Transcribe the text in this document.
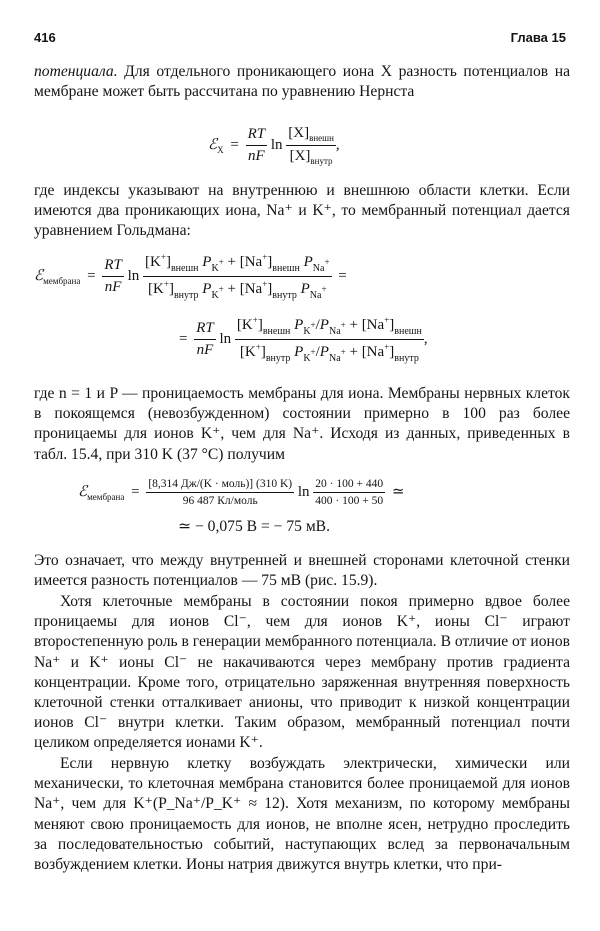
416	Глава 15

потенциала. Для отдельного проникающего иона X разность потенциалов на мембране может быть рассчитана по уравнению Нернста

ℰ$_X$ = $\frac{RT}{nF}$ $\ln \frac{[X]_{внешн}}{[X]_{внутр}}$ ,

где индексы указывают на внутреннюю и внешнюю области клетки. Если имеются два проникающих иона, Na⁺ и K⁺, то мембранный потенциал дается уравнением Гольдмана:

ℰ$_{мембрана}$ = $\frac{RT}{nF}$ $\ln \frac{[K^+]_{внешн} P_{K+} + [Na^+]_{внешн} P_{Na+}}{[K^+]_{внутр} P_{K+} + [Na^+]_{внутр} P_{Na+}}$ =
= $\frac{RT}{nF}$ $\ln \frac{[K^+]_{внешн} P_{K+}/P_{Na+} + [Na^+]_{внешн}}{[K^+]_{внутр} P_{K+}/P_{Na+} + [Na^+]_{внутр}}$ ,

где n = 1 и P — проницаемость мембраны для иона. Мембраны нервных клеток в покоящемся (невозбужденном) состоянии примерно в 100 раз более проницаемы для ионов K⁺, чем для Na⁺. Исходя из данных, приведенных в табл. 15.4, при 310 K (37 °C) получим

ℰ$_{мембрана}$ = $\frac{\text{[8,314 Дж/(K · моль)] (310 K)}}{\text{96 487 Кл/моль}}$ $\ln \frac{20 \cdot 100 + 440}{400 \cdot 100 + 50}$ ≃
≃ − 0,075 В = − 75 мВ.

Это означает, что между внутренней и внешней сторонами клеточной стенки имеется разность потенциалов — 75 мВ (рис. 15.9).

Хотя клеточные мембраны в состоянии покоя примерно вдвое более проницаемы для ионов Cl⁻, чем для ионов K⁺, ионы Cl⁻ играют второстепенную роль в генерации мембранного потенциала. В отличие от ионов Na⁺ и K⁺ ионы Cl⁻ не накачиваются через мембрану против градиента концентрации. Кроме того, отрицательно заряженная внутренняя поверхность клеточной стенки отталкивает анионы, что приводит к низкой концентрации ионов Cl⁻ внутри клетки. Таким образом, мембранный потенциал почти целиком определяется ионами K⁺.

Если нервную клетку возбуждать электрически, химически или механически, то клеточная мембрана становится более проницаемой для ионов Na⁺, чем для K⁺(P_Na⁺/P_K⁺ ≈ 12). Хотя механизм, по которому мембраны меняют свою проницаемость для ионов, не вполне ясен, нетрудно проследить за последовательностью событий, наступающих вслед за первоначальным возбуждением клетки. Ионы натрия движутся внутрь клетки, что при-
